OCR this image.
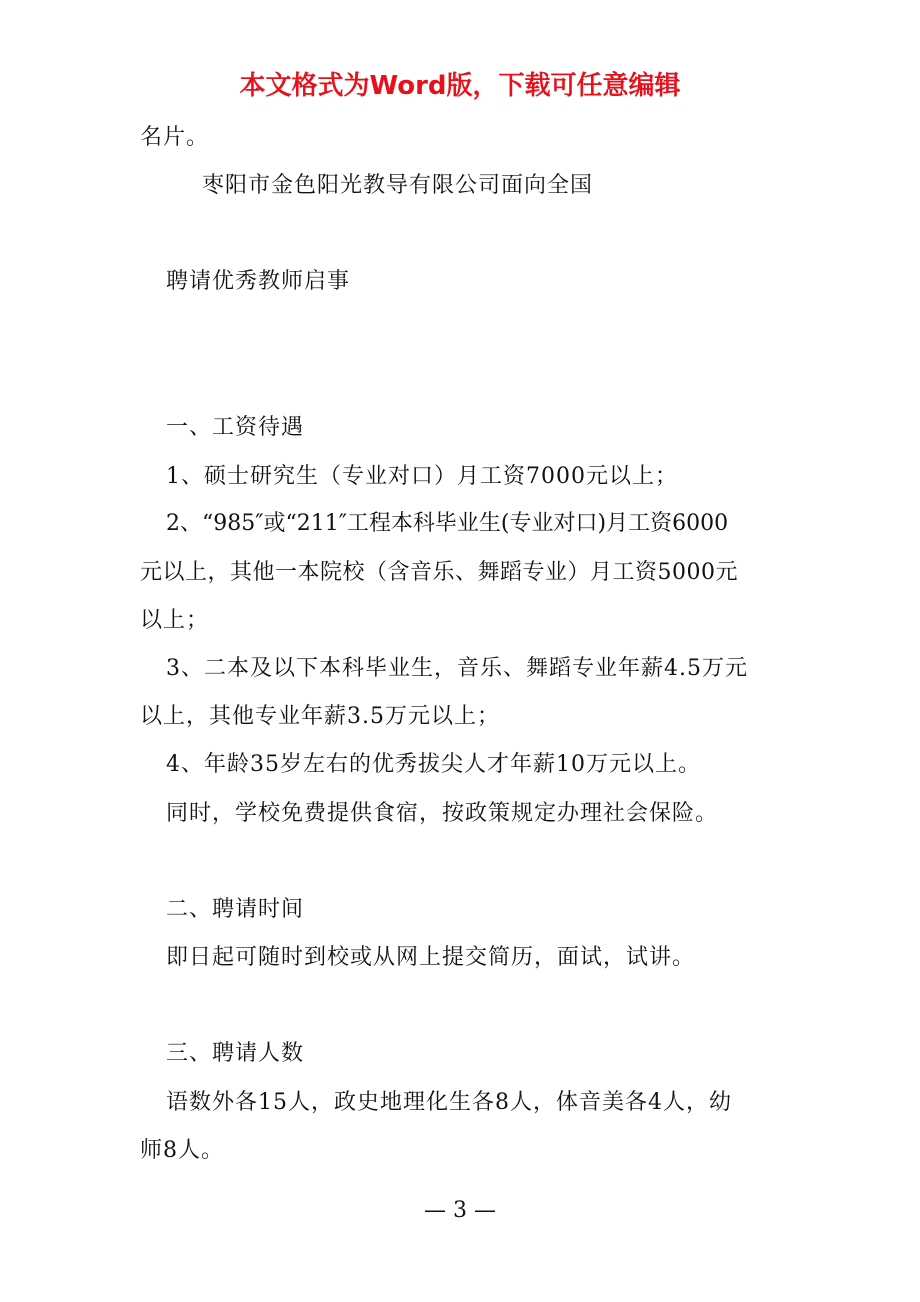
本文格式为Word版，下载可任意编辑
名片。
枣阳市金色阳光教导有限公司面向全国
聘请优秀教师启事
一、工资待遇
1、硕士研究生（专业对口）月工资7000元以上；
2、“985″或“211″工程本科毕业生(专业对口)月工资6000
元以上，其他一本院校（含音乐、舞蹈专业）月工资5000元
以上；
3、二本及以下本科毕业生，音乐、舞蹈专业年薪4.5万元
以上，其他专业年薪3.5万元以上；
4、年龄35岁左右的优秀拔尖人才年薪10万元以上。
同时，学校免费提供食宿，按政策规定办理社会保险。
二、聘请时间
即日起可随时到校或从网上提交简历，面试，试讲。
三、聘请人数
语数外各15人，政史地理化生各8人，体音美各4人，幼
师8人。
— 3 —
